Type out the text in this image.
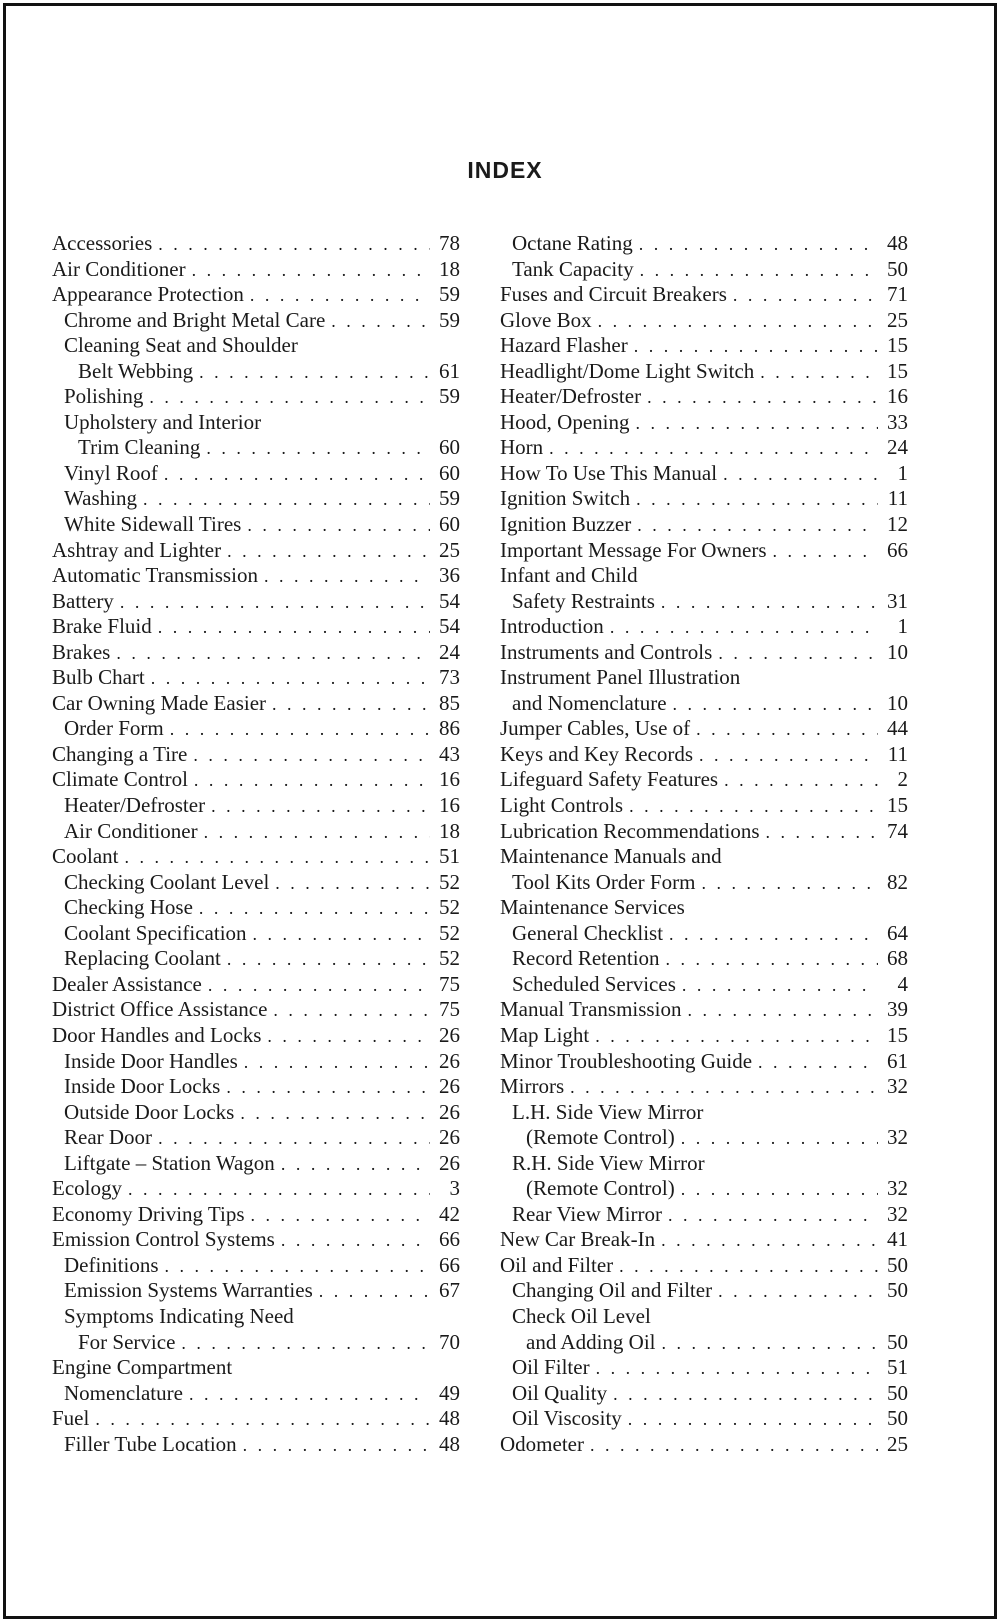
INDEX
Accessories . . .	78
Air Conditioner . . .	18
Appearance Protection . . .	59
Chrome and Bright Metal Care . . .	59
Cleaning Seat and Shoulder
Belt Webbing . . .	61
Polishing . . .	59
Upholstery and Interior
Trim Cleaning . . .	60
Vinyl Roof . . .	60
Washing . . .	59
White Sidewall Tires . . .	60
Ashtray and Lighter . . .	25
Automatic Transmission . . .	36
Battery . . .	54
Brake Fluid . . .	54
Brakes . . .	24
Bulb Chart . . .	73
Car Owning Made Easier . . .	85
Order Form . . .	86
Changing a Tire . . .	43
Climate Control . . .	16
Heater/Defroster . . .	16
Air Conditioner . . .	18
Coolant . . .	51
Checking Coolant Level . . .	52
Checking Hose . . .	52
Coolant Specification . . .	52
Replacing Coolant . . .	52
Dealer Assistance . . .	75
District Office Assistance . . .	75
Door Handles and Locks . . .	26
Inside Door Handles . . .	26
Inside Door Locks . . .	26
Outside Door Locks . . .	26
Rear Door . . .	26
Liftgate – Station Wagon . . .	26
Ecology . . .	3
Economy Driving Tips . . .	42
Emission Control Systems . . .	66
Definitions . . .	66
Emission Systems Warranties . . .	67
Symptoms Indicating Need
For Service . . .	70
Engine Compartment
Nomenclature . . .	49
Fuel . . .	48
Filler Tube Location . . .	48
Octane Rating . . .	48
Tank Capacity . . .	50
Fuses and Circuit Breakers . . .	71
Glove Box . . .	25
Hazard Flasher . . .	15
Headlight/Dome Light Switch . . .	15
Heater/Defroster . . .	16
Hood, Opening . . .	33
Horn . . .	24
How To Use This Manual . . .	1
Ignition Switch . . .	11
Ignition Buzzer . . .	12
Important Message For Owners . . .	66
Infant and Child
Safety Restraints . . .	31
Introduction . . .	1
Instruments and Controls . . .	10
Instrument Panel Illustration
and Nomenclature . . .	10
Jumper Cables, Use of . . .	44
Keys and Key Records . . .	11
Lifeguard Safety Features . . .	2
Light Controls . . .	15
Lubrication Recommendations . . .	74
Maintenance Manuals and
Tool Kits Order Form . . .	82
Maintenance Services
General Checklist . . .	64
Record Retention . . .	68
Scheduled Services . . .	4
Manual Transmission . . .	39
Map Light . . .	15
Minor Troubleshooting Guide . . .	61
Mirrors . . .	32
L.H. Side View Mirror
(Remote Control) . . .	32
R.H. Side View Mirror
(Remote Control) . . .	32
Rear View Mirror . . .	32
New Car Break-In . . .	41
Oil and Filter . . .	50
Changing Oil and Filter . . .	50
Check Oil Level
and Adding Oil . . .	50
Oil Filter . . .	51
Oil Quality . . .	50
Oil Viscosity . . .	50
Odometer . . .	25
